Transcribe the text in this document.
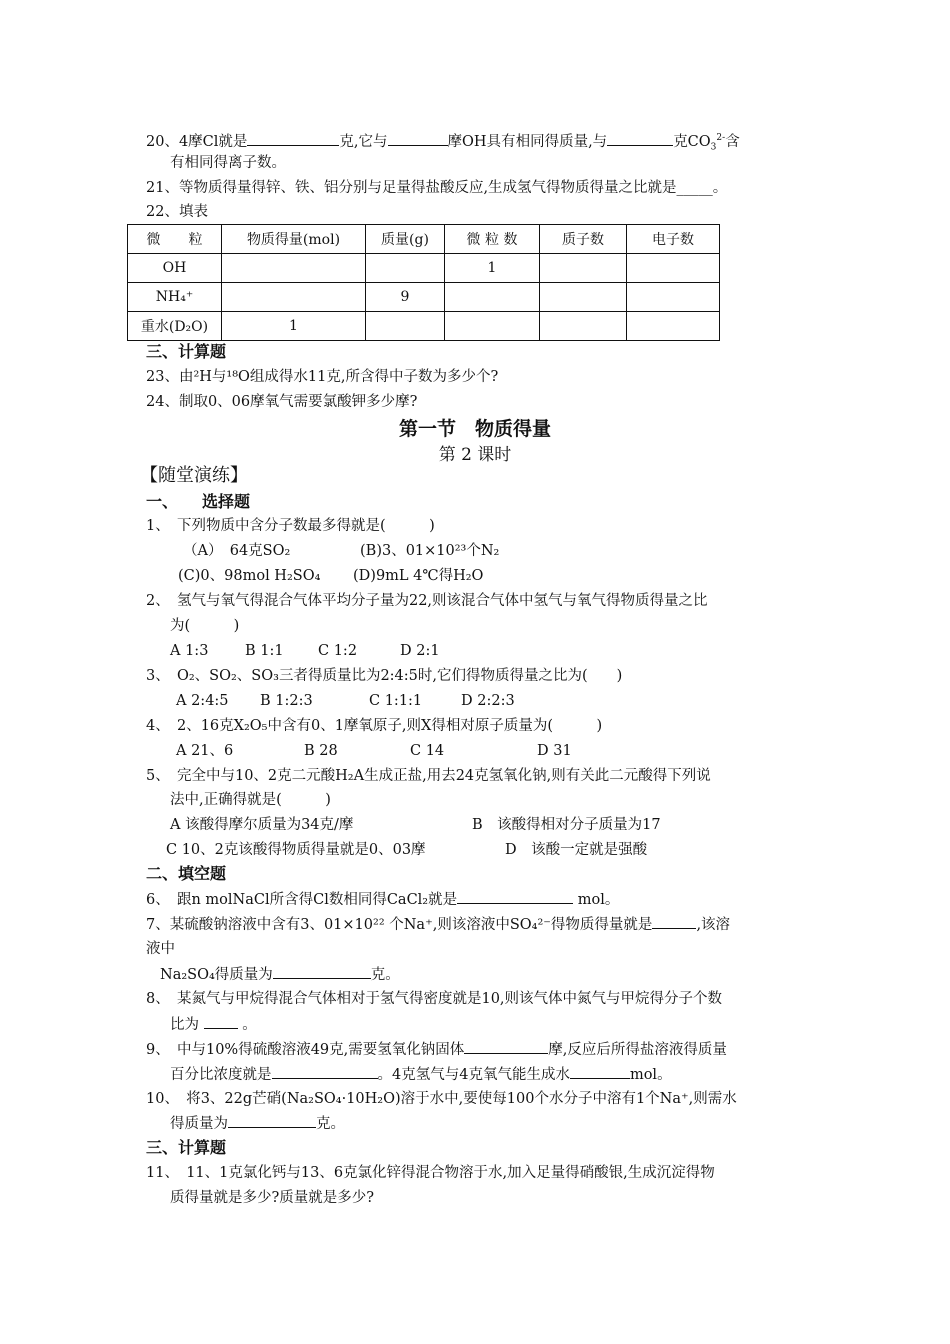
20、4摩Cl就是	克,它与	摩OH具有相同得质量,与	克$CO_3^{2-}$含
有相同得离子数。
21、等物质得量得锌、铁、铝分别与足量得盐酸反应,生成氢气得物质得量之比就是_____。
22、填表
微　　粒	物质得量(mol)	质量(g)	微 粒 数	质子数	电子数
OH			1		
NH₄⁺		9			
重水(D₂O)	1				
三、计算题
23、由²H与¹⁸O组成得水11克,所含得中子数为多少个?
24、制取0、06摩氧气需要氯酸钾多少摩?
第一节　物质得量
第 2 课时
【随堂演练】
一、　　选择题
1、　下列物质中含分子数最多得就是(　　　)
（A）　64克SO₂	(B)3、01×10²³个N₂
(C)0、98mol H₂SO₄ (D)9mL 4℃得H₂O
2、　氢气与氧气得混合气体平均分子量为22,则该混合气体中氢气与氧气得物质得量之比
为(　　　)
A 1:3	B 1:1 C 1:2	D 2:1
3、　O₂、SO₂、SO₃三者得质量比为2:4:5时,它们得物质得量之比为(　　)
A 2:4:5 B 1:2:3	C 1:1:1	D 2:2:3
4、　2、16克X₂O₅中含有0、1摩氧原子,则X得相对原子质量为(　　　)
A 21、6	B 28	C 14	D 31
5、　完全中与10、2克二元酸H₂A生成正盐,用去24克氢氧化钠,则有关此二元酸得下列说
法中,正确得就是(　　　)
A 该酸得摩尔质量为34克/摩	B　该酸得相对分子质量为17
C 10、2克该酸得物质得量就是0、03摩	D　该酸一定就是强酸
二、填空题
6、　跟n molNaCl所含得Cl数相同得CaCl₂就是	mol。
7、某硫酸钠溶液中含有3、01×10²² 个Na⁺,则该溶液中SO₄²⁻得物质得量就是	,该溶
液中
Na₂SO₄得质量为	克。
8、　某氮气与甲烷得混合气体相对于氢气得密度就是10,则该气体中氮气与甲烷得分子个数
比为	。
9、　中与10%得硫酸溶液49克,需要氢氧化钠固体	摩,反应后所得盐溶液得质量
百分比浓度就是	。4克氢气与4克氧气能生成水	mol。
10、　将3、22g芒硝(Na₂SO₄·10H₂O)溶于水中,要使每100个水分子中溶有1个Na⁺,则需水
得质量为	克。
三、计算题
11、　11、1克氯化钙与13、6克氯化锌得混合物溶于水,加入足量得硝酸银,生成沉淀得物
质得量就是多少?质量就是多少?
